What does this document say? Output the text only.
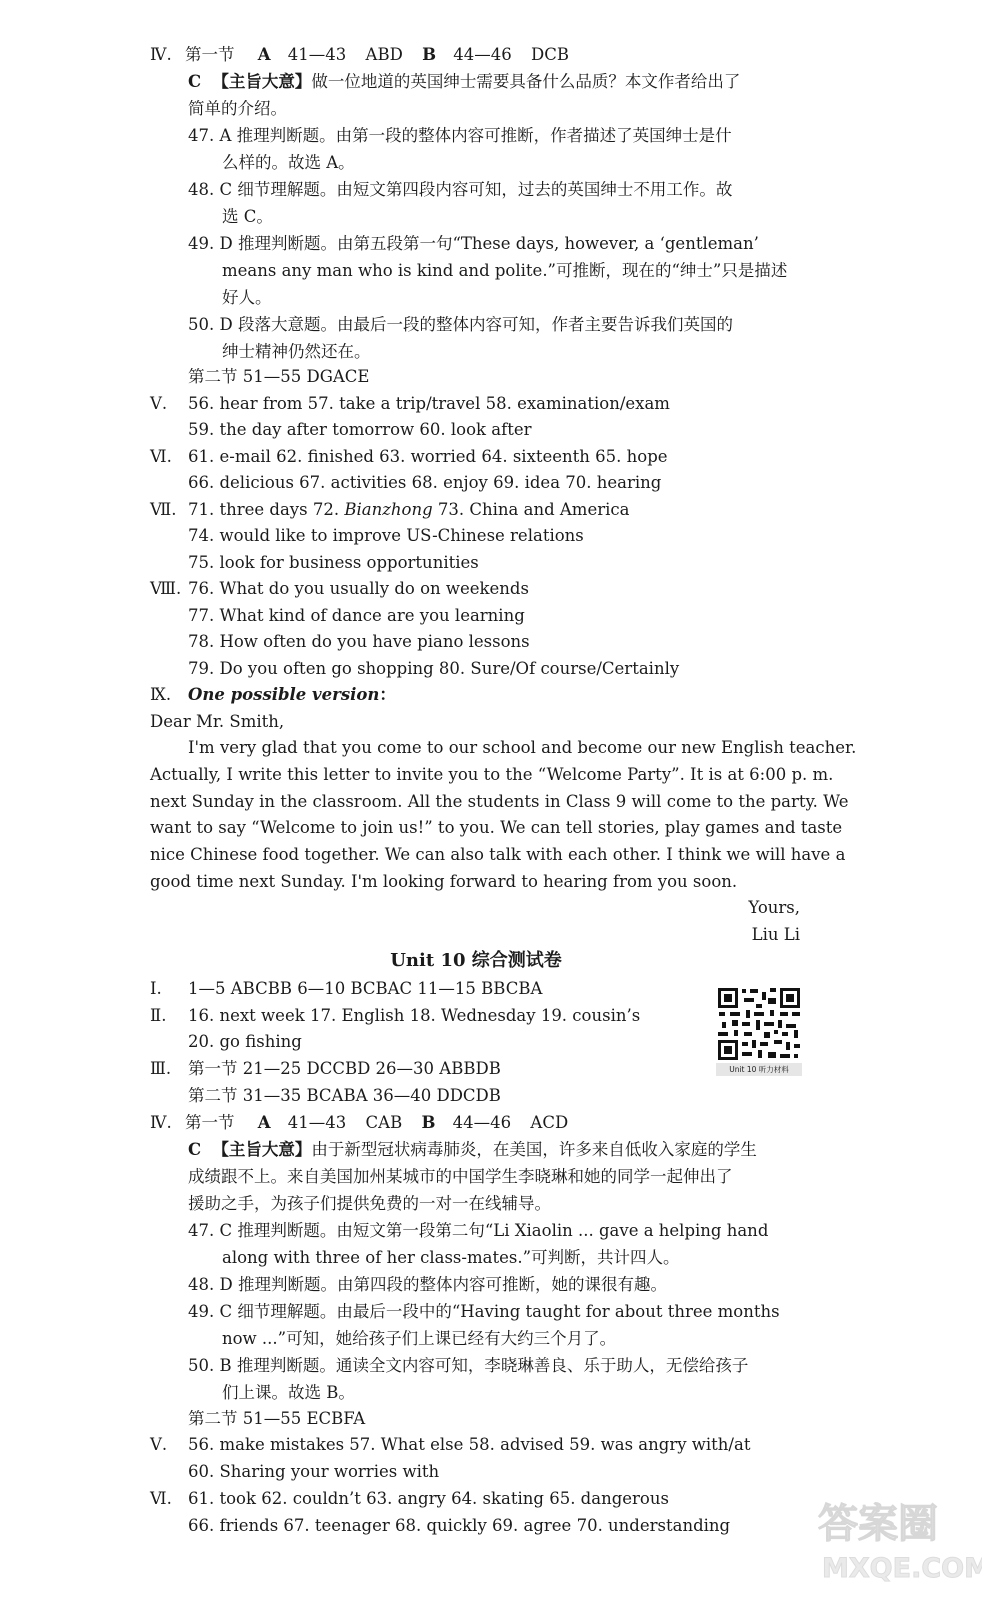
Ⅳ. 第一节 A 41—43 ABD B 44—46 DCB
C 【主旨大意】做一位地道的英国绅士需要具备什么品质？本文作者给出了
简单的介绍。
47. A 推理判断题。由第一段的整体内容可推断，作者描述了英国绅士是什
么样的。故选 A。
48. C 细节理解题。由短文第四段内容可知，过去的英国绅士不用工作。故
选 C。
49. D 推理判断题。由第五段第一句“These days, however, a ‘gentleman’
means any man who is kind and polite.”可推断，现在的“绅士”只是描述
好人。
50. D 段落大意题。由最后一段的整体内容可知，作者主要告诉我们英国的
绅士精神仍然还在。
第二节 51—55 DGACE
Ⅴ. 56. hear from 57. take a trip/travel 58. examination/exam
59. the day after tomorrow 60. look after
Ⅵ. 61. e-mail 62. finished 63. worried 64. sixteenth 65. hope
66. delicious 67. activities 68. enjoy 69. idea 70. hearing
Ⅶ. 71. three days 72. Bianzhong 73. China and America
74. would like to improve US-Chinese relations
75. look for business opportunities
Ⅷ. 76. What do you usually do on weekends
77. What kind of dance are you learning
78. How often do you have piano lessons
79. Do you often go shopping 80. Sure/Of course/Certainly
Ⅸ. One possible version：
Dear Mr. Smith,
I'm very glad that you come to our school and become our new English teacher.
Actually, I write this letter to invite you to the “Welcome Party”. It is at 6:00 p. m.
next Sunday in the classroom. All the students in Class 9 will come to the party. We
want to say “Welcome to join us!” to you. We can tell stories, play games and taste
nice Chinese food together. We can also talk with each other. I think we will have a
good time next Sunday. I'm looking forward to hearing from you soon.
Yours,
Liu Li
Unit 10 综合测试卷
Unit 10 听力材料
Ⅰ. 1—5 ABCBB 6—10 BCBAC 11—15 BBCBA
Ⅱ. 16. next week 17. English 18. Wednesday 19. cousin’s
20. go fishing
Ⅲ. 第一节 21—25 DCCBD 26—30 ABBDB
第二节 31—35 BCABA 36—40 DDCDB
Ⅳ. 第一节 A 41—43 CAB B 44—46 ACD
C 【主旨大意】由于新型冠状病毒肺炎，在美国，许多来自低收入家庭的学生
成绩跟不上。来自美国加州某城市的中国学生李晓琳和她的同学一起伸出了
援助之手，为孩子们提供免费的一对一在线辅导。
47. C 推理判断题。由短文第一段第二句“Li Xiaolin ... gave a helping hand
along with three of her class-mates.”可判断，共计四人。
48. D 推理判断题。由第四段的整体内容可推断，她的课很有趣。
49. C 细节理解题。由最后一段中的“Having taught for about three months
now ...”可知，她给孩子们上课已经有大约三个月了。
50. B 推理判断题。通读全文内容可知，李晓琳善良、乐于助人，无偿给孩子
们上课。故选 B。
第二节 51—55 ECBFA
Ⅴ. 56. make mistakes 57. What else 58. advised 59. was angry with/at
60. Sharing your worries with
Ⅵ. 61. took 62. couldn’t 63. angry 64. skating 65. dangerous
66. friends 67. teenager 68. quickly 69. agree 70. understanding 答案圈
MXQE.COM
